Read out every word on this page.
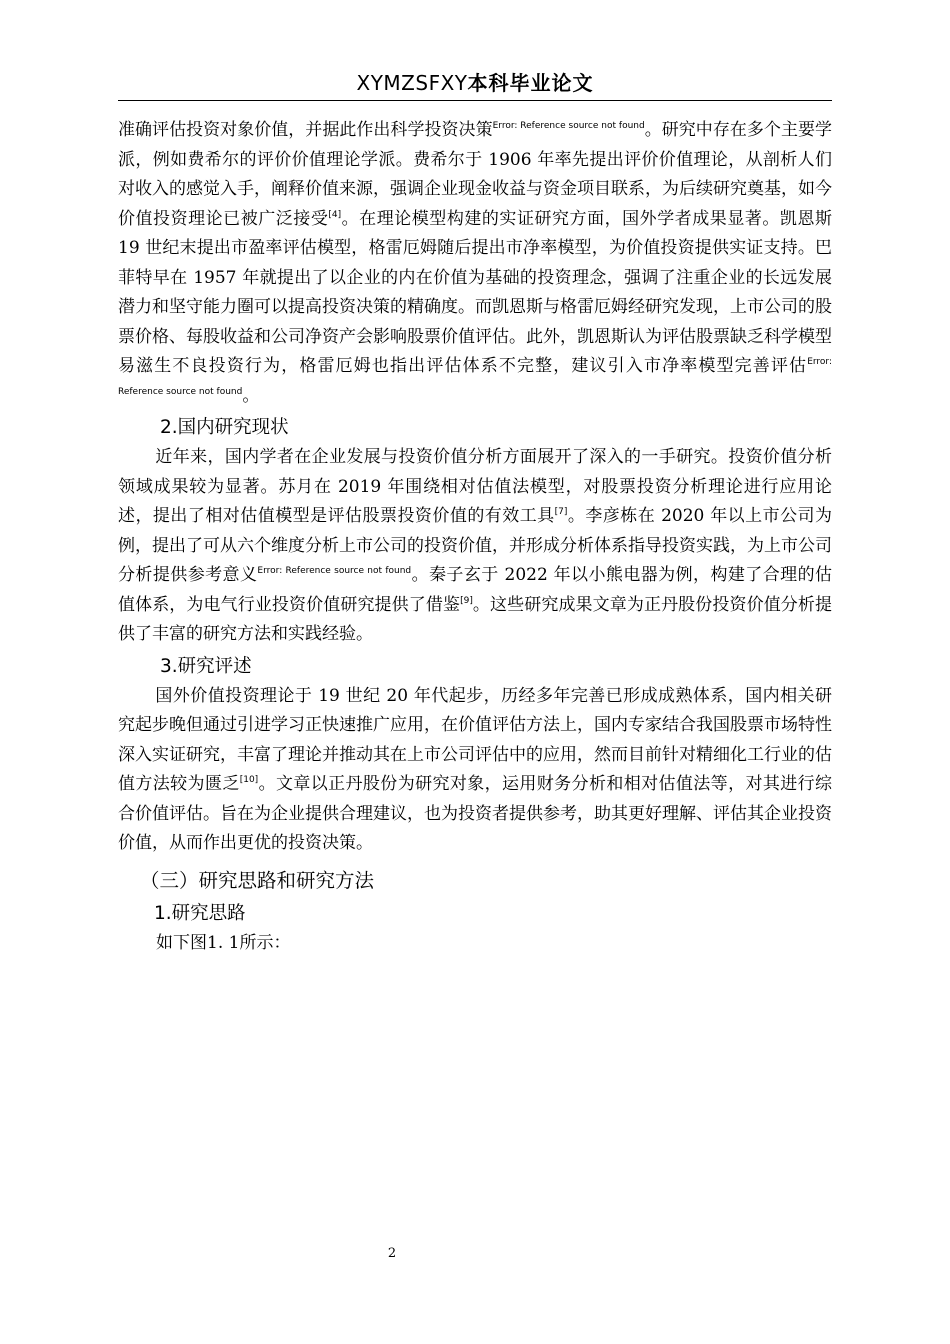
XYMZSFXY本科毕业论文

准确评估投资对象价值，并据此作出科学投资决策$^{Error: Reference source not found}$。研究中存在多个主要学派，例如费希尔的评价价值理论学派。费希尔于 1906 年率先提出评价价值理论，从剖析人们对收入的感觉入手，阐释价值来源，强调企业现金收益与资金项目联系，为后续研究奠基，如今价值投资理论已被广泛接受[4]。在理论模型构建的实证研究方面，国外学者成果显著。凯恩斯 19 世纪末提出市盈率评估模型，格雷厄姆随后提出市净率模型，为价值投资提供实证支持。巴菲特早在 1957 年就提出了以企业的内在价值为基础的投资理念，强调了注重企业的长远发展潜力和坚守能力圈可以提高投资决策的精确度。而凯恩斯与格雷厄姆经研究发现，上市公司的股票价格、每股收益和公司净资产会影响股票价值评估。此外，凯恩斯认为评估股票缺乏科学模型易滋生不良投资行为，格雷厄姆也指出评估体系不完整，建议引入市净率模型完善评估$^{Error: Reference source not found}$。

2.国内研究现状

近年来，国内学者在企业发展与投资价值分析方面展开了深入的一手研究。投资价值分析领域成果较为显著。苏月在 2019 年围绕相对估值法模型，对股票投资分析理论进行应用论述，提出了相对估值模型是评估股票投资价值的有效工具[7]。李彦栋在 2020 年以上市公司为例，提出了可从六个维度分析上市公司的投资价值，并形成分析体系指导投资实践，为上市公司分析提供参考意义$^{Error: Reference source not found}$。秦子玄于 2022 年以小熊电器为例，构建了合理的估值体系，为电气行业投资价值研究提供了借鉴[9]。这些研究成果文章为正丹股份投资价值分析提供了丰富的研究方法和实践经验。

3.研究评述

国外价值投资理论于 19 世纪 20 年代起步，历经多年完善已形成成熟体系，国内相关研究起步晚但通过引进学习正快速推广应用，在价值评估方法上，国内专家结合我国股票市场特性深入实证研究，丰富了理论并推动其在上市公司评估中的应用，然而目前针对精细化工行业的估值方法较为匮乏[10]。文章以正丹股份为研究对象，运用财务分析和相对估值法等，对其进行综合价值评估。旨在为企业提供合理建议，也为投资者提供参考，助其更好理解、评估其企业投资价值，从而作出更优的投资决策。

（三）研究思路和研究方法
1.研究思路

如下图1. 1所示：

2
